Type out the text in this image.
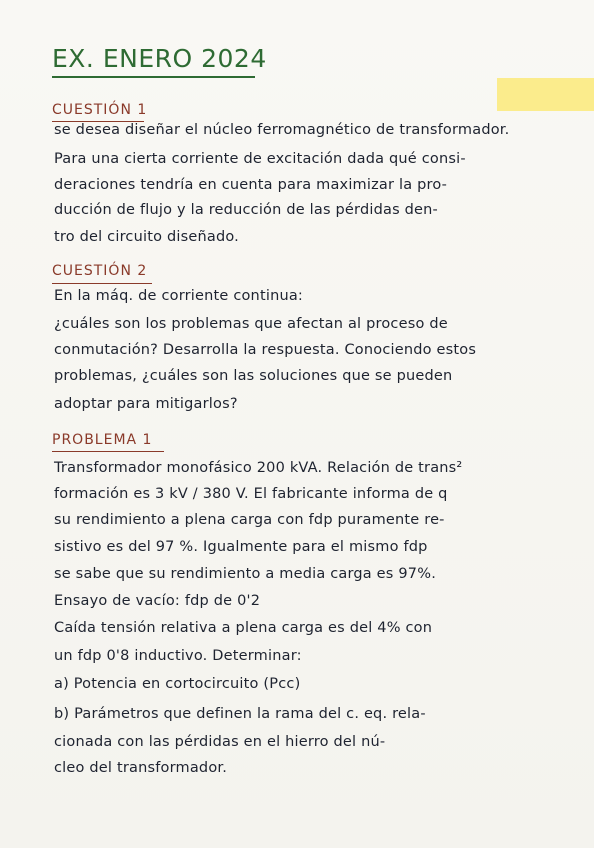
EX. ENERO 2024
CUESTIÓN 1
se desea diseñar el núcleo ferromagnético de transformador.
Para una cierta corriente de excitación dada qué consi-
deraciones tendría en cuenta para maximizar la pro-
ducción de flujo y la reducción de las pérdidas den-
tro del circuito diseñado.
CUESTIÓN 2
En la máq. de corriente continua:
¿cuáles son los problemas que afectan al proceso de
conmutación? Desarrolla la respuesta. Conociendo estos
problemas, ¿cuáles son las soluciones que se pueden
adoptar para mitigarlos?
PROBLEMA 1
Transformador monofásico 200 kVA. Relación de trans²
formación es 3 kV / 380 V. El fabricante informa de q
su rendimiento a plena carga con fdp puramente re-
sistivo es del 97 %. Igualmente para el mismo fdp
se sabe que su rendimiento a media carga es 97%.
Ensayo de vacío: fdp de 0'2
Caída tensión relativa a plena carga es del 4% con
un fdp 0'8 inductivo. Determinar:
a) Potencia en cortocircuito (Pcc)
b) Parámetros que definen la rama del c. eq. rela-
cionada con las pérdidas en el hierro del nú-
cleo del transformador.
